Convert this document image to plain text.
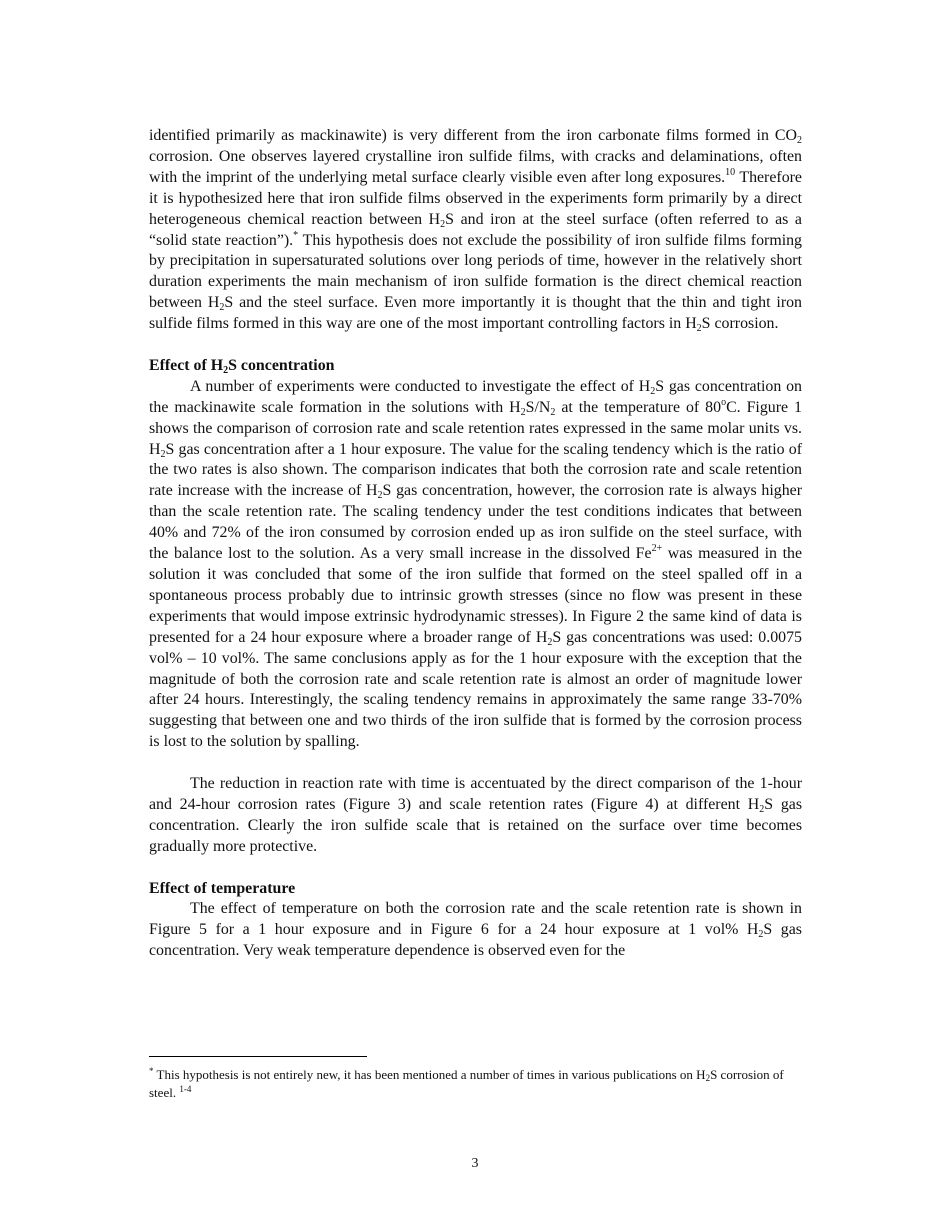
identified primarily as mackinawite) is very different from the iron carbonate films formed in $CO_2$ corrosion. One observes layered crystalline iron sulfide films, with cracks and delaminations, often with the imprint of the underlying metal surface clearly visible even after long exposures.$^{10}$ Therefore it is hypothesized here that iron sulfide films observed in the experiments form primarily by a direct heterogeneous chemical reaction between $H_2S$ and iron at the steel surface (often referred to as a “solid state reaction”).* This hypothesis does not exclude the possibility of iron sulfide films forming by precipitation in supersaturated solutions over long periods of time, however in the relatively short duration experiments the main mechanism of iron sulfide formation is the direct chemical reaction between $H_2S$ and the steel surface. Even more importantly it is thought that the thin and tight iron sulfide films formed in this way are one of the most important controlling factors in $H_2S$ corrosion.

Effect of $H_2S$ concentration

A number of experiments were conducted to investigate the effect of $H_2S$ gas concentration on the mackinawite scale formation in the solutions with $H_2S/N_2$ at the temperature of 80$^o$C. Figure 1 shows the comparison of corrosion rate and scale retention rates expressed in the same molar units vs. $H_2S$ gas concentration after a 1 hour exposure. The value for the scaling tendency which is the ratio of the two rates is also shown. The comparison indicates that both the corrosion rate and scale retention rate increase with the increase of $H_2S$ gas concentration, however, the corrosion rate is always higher than the scale retention rate. The scaling tendency under the test conditions indicates that between 40% and 72% of the iron consumed by corrosion ended up as iron sulfide on the steel surface, with the balance lost to the solution. As a very small increase in the dissolved $Fe^{2+}$ was measured in the solution it was concluded that some of the iron sulfide that formed on the steel spalled off in a spontaneous process probably due to intrinsic growth stresses (since no flow was present in these experiments that would impose extrinsic hydrodynamic stresses). In Figure 2 the same kind of data is presented for a 24 hour exposure where a broader range of $H_2S$ gas concentrations was used: 0.0075 vol% – 10 vol%. The same conclusions apply as for the 1 hour exposure with the exception that the magnitude of both the corrosion rate and scale retention rate is almost an order of magnitude lower after 24 hours. Interestingly, the scaling tendency remains in approximately the same range 33-70% suggesting that between one and two thirds of the iron sulfide that is formed by the corrosion process is lost to the solution by spalling.

The reduction in reaction rate with time is accentuated by the direct comparison of the 1-hour and 24-hour corrosion rates (Figure 3) and scale retention rates (Figure 4) at different $H_2S$ gas concentration. Clearly the iron sulfide scale that is retained on the surface over time becomes gradually more protective.

Effect of temperature

The effect of temperature on both the corrosion rate and the scale retention rate is shown in Figure 5 for a 1 hour exposure and in Figure 6 for a 24 hour exposure at 1 vol% $H_2S$ gas concentration. Very weak temperature dependence is observed even for the

* This hypothesis is not entirely new, it has been mentioned a number of times in various publications on $H_2S$ corrosion of steel. $^{1-4}$
3
